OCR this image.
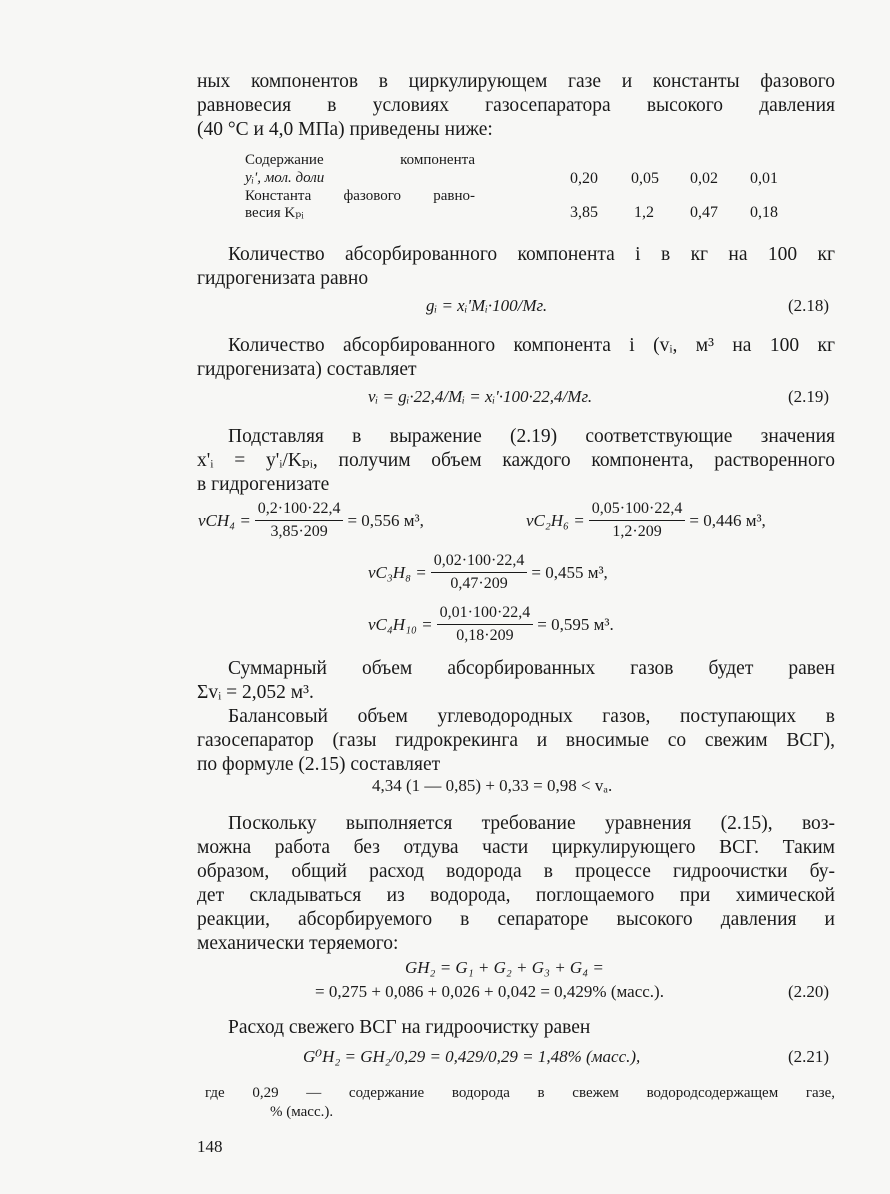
ных компонентов в циркулирующем газе и константы фазового
равновесия в условиях газосепаратора высокого давления
(40 °С и 4,0 МПа) приведены ниже:
Содержание компонента
yᵢ', мол. доли	0,20 0,05 0,02 0,01
Константа фазового равно-
весия Kₚᵢ	3,85 1,2 0,47 0,18
Количество абсорбированного компонента i в кг на 100 кг
гидрогенизата равно
gᵢ = xᵢ'Mᵢ·100/Mг.	(2.18)
Количество абсорбированного компонента i (vᵢ, м³ на 100 кг
гидрогенизата) составляет
vᵢ = gᵢ·22,4/Mᵢ = xᵢ'·100·22,4/Mг.	(2.19)
Подставляя в выражение (2.19) соответствующие значения
x'ᵢ = y'ᵢ/Kₚᵢ, получим объем каждого компонента, растворенного
в гидрогенизате
$vCH_4 = \frac{0,2\cdot 100\cdot 22,4}{3,85\cdot 209} = 0,556$ м³,	$vC_2H_6 = \frac{0,05\cdot 100\cdot 22,4}{1,2\cdot 209} = 0,446$ м³,
$vC_3H_8 = \frac{0,02\cdot 100\cdot 22,4}{0,47\cdot 209} = 0,455$ м³,
$vC_4H_{10} = \frac{0,01\cdot 100\cdot 22,4}{0,18\cdot 209} = 0,595$ м³.
Суммарный объем абсорбированных газов будет равен
Σvᵢ = 2,052 м³.
Балансовый объем углеводородных газов, поступающих в
газосепаратор (газы гидрокрекинга и вносимые со свежим ВСГ),
по формуле (2.15) составляет
4,34 (1 — 0,85) + 0,33 = 0,98 < vₐ.
Поскольку выполняется требование уравнения (2.15), воз-
можна работа без отдува части циркулирующего ВСГ. Таким
образом, общий расход водорода в процессе гидроочистки бу-
дет складываться из водорода, поглощаемого при химической
реакции, абсорбируемого в сепараторе высокого давления и
механически теряемого:
GH₂ = G₁ + G₂ + G₃ + G₄ =
= 0,275 + 0,086 + 0,026 + 0,042 = 0,429% (масс.).	(2.20)
Расход свежего ВСГ на гидроочистку равен
G⁰H₂ = GH₂/0,29 = 0,429/0,29 = 1,48% (масс.),	(2.21)
где 0,29 — содержание водорода в свежем водородсодержащем газе,
% (масс.).
148
